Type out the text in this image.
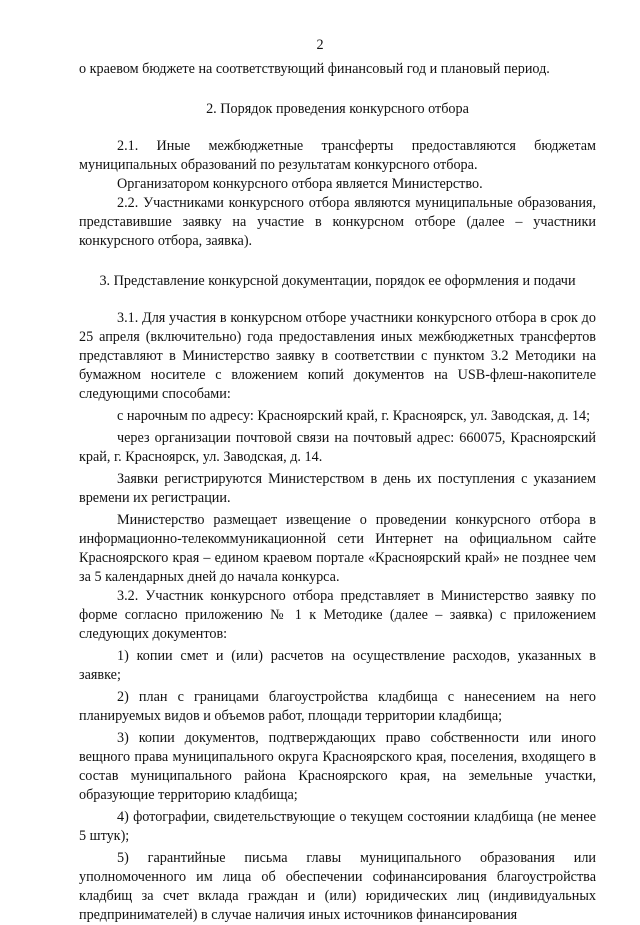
2

о краевом бюджете на соответствующий финансовый год и плановый период.

2. Порядок проведения конкурсного отбора

2.1. Иные межбюджетные трансферты предоставляются бюджетам муниципальных образований по результатам конкурсного отбора.

Организатором конкурсного отбора является Министерство.

2.2. Участниками конкурсного отбора являются муниципальные образования, представившие заявку на участие в конкурсном отборе (далее – участники конкурсного отбора, заявка).

3. Представление конкурсной документации, порядок ее оформления и подачи

3.1. Для участия в конкурсном отборе участники конкурсного отбора в срок до 25 апреля (включительно) года предоставления иных межбюджетных трансфертов представляют в Министерство заявку в соответствии с пунктом 3.2 Методики на бумажном носителе с вложением копий документов на USB-флеш-накопителе следующими способами:

с нарочным по адресу: Красноярский край, г. Красноярск, ул. Заводская, д. 14;

через организации почтовой связи на почтовый адрес: 660075, Красноярский край, г. Красноярск, ул. Заводская, д. 14.

Заявки регистрируются Министерством в день их поступления с указанием времени их регистрации.

Министерство размещает извещение о проведении конкурсного отбора в информационно-телекоммуникационной сети Интернет на официальном сайте Красноярского края – едином краевом портале «Красноярский край» не позднее чем за 5 календарных дней до начала конкурса.

3.2. Участник конкурсного отбора представляет в Министерство заявку по форме согласно приложению № 1 к Методике (далее – заявка) с приложением следующих документов:

1) копии смет и (или) расчетов на осуществление расходов, указанных в заявке;

2) план с границами благоустройства кладбища с нанесением на него планируемых видов и объемов работ, площади территории кладбища;

3) копии документов, подтверждающих право собственности или иного вещного права муниципального округа Красноярского края, поселения, входящего в состав муниципального района Красноярского края, на земельные участки, образующие территорию кладбища;

4) фотографии, свидетельствующие о текущем состоянии кладбища (не менее 5 штук);

5) гарантийные письма главы муниципального образования или уполномоченного им лица об обеспечении софинансирования благоустройства кладбищ за счет вклада граждан и (или) юридических лиц (индивидуальных предпринимателей) в случае наличия иных источников финансирования
